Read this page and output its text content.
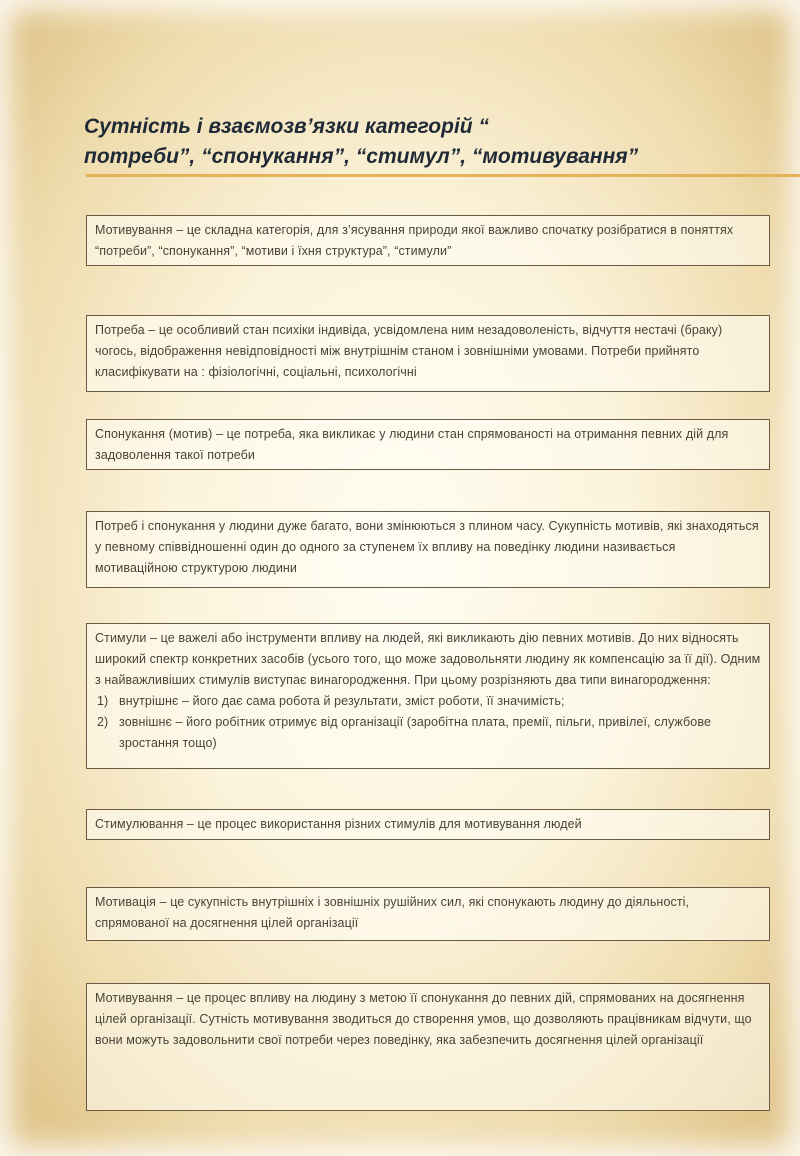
Сутність і взаємозв’язки категорій “
потреби”, “спонукання”, “стимул”, “мотивування”

Мотивування – це складна категорія, для з’ясування природи якої важливо спочатку розібратися в поняттях “потреби”, “спонукання”, “мотиви і їхня структура”, “стимули”

Потреба – це особливий стан психіки індивіда, усвідомлена ним незадоволеність, відчуття нестачі (браку) чогось, відображення невідповідності між внутрішнім станом і зовнішніми умовами. Потреби прийнято класифікувати на : фізіологічні, соціальні, психологічні

Спонукання (мотив) – це потреба, яка викликає у людини стан спрямованості на отримання певних дій для задоволення такої потреби

Потреб і спонукання у людини дуже багато, вони змінюються з плином часу. Сукупність мотивів, які знаходяться у певному співвідношенні один до одного за ступенем їх впливу на поведінку людини називається мотиваційною структурою людини

Стимули – це важелі або інструменти впливу на людей, які викликають дію певних мотивів. До них відносять широкий спектр конкретних засобів (усього того, що може задовольняти людину як компенсацію за її дії). Одним з найважливіших стимулів виступає винагородження. При цьому розрізняють два типи винагородження:

1) внутрішнє – його дає сама робота й результати, зміст роботи, її значимість;
2) зовнішнє – його робітник отримує від організації (заробітна плата, премії, пільги, привілеї, службове зростання тощо)

Стимулювання – це процес використання різних стимулів для мотивування людей

Мотивація – це сукупність внутрішніх і зовнішніх рушійних сил, які спонукають людину до діяльності, спрямованої на досягнення цілей організації

Мотивування – це процес впливу на людину з метою її спонукання до певних дій, спрямованих на досягнення цілей організації. Сутність мотивування зводиться до створення умов, що дозволяють працівникам відчути, що вони можуть задовольнити свої потреби через поведінку, яка забезпечить досягнення цілей організації
